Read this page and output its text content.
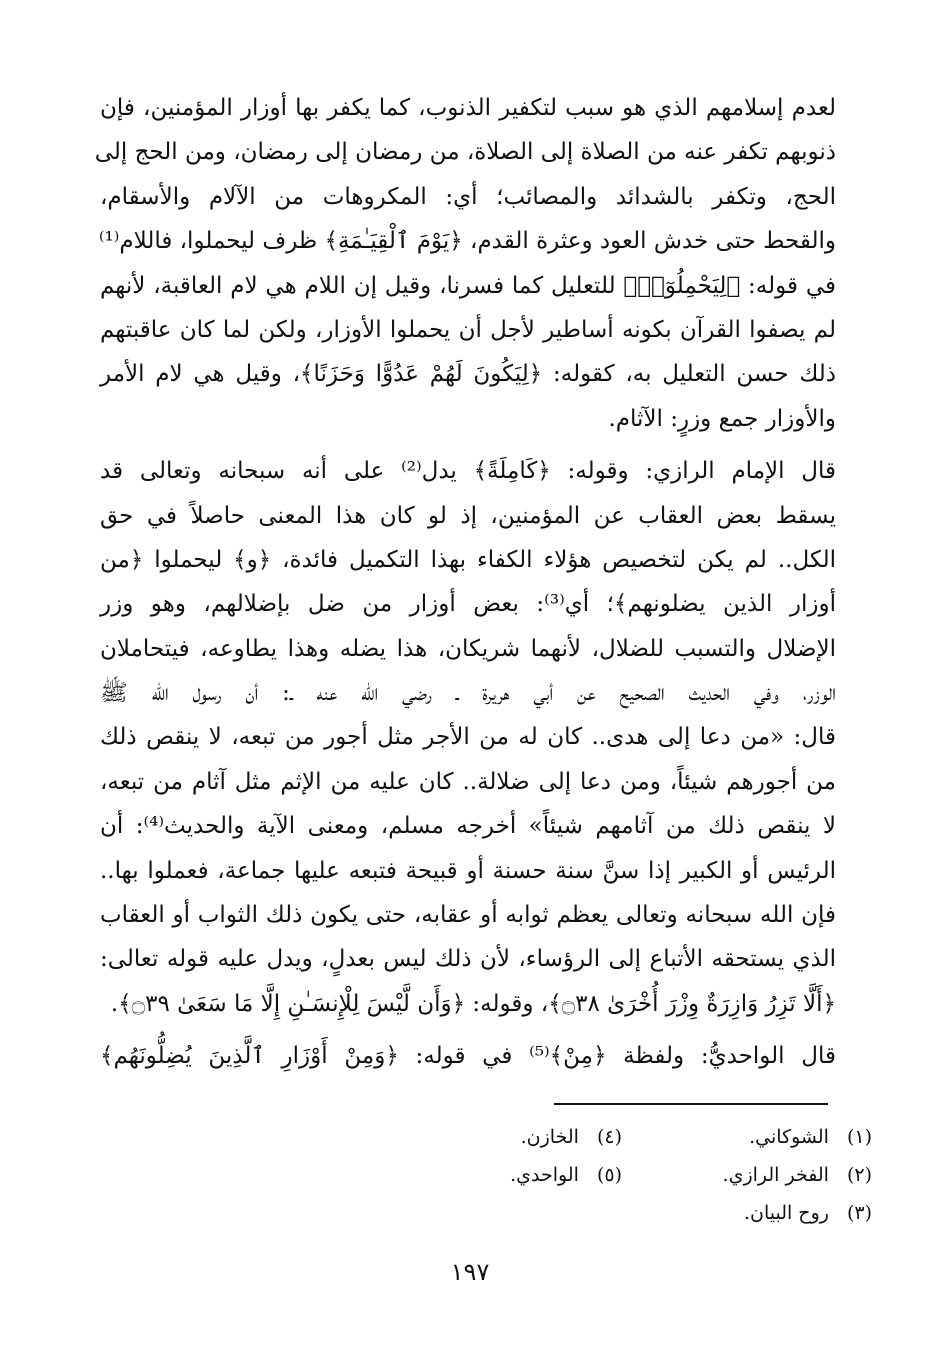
لعدم إسلامهم الذي هو سبب لتكفير الذنوب، كما يكفر بها أوزار المؤمنين، فإن
ذنوبهم تكفر عنه من الصلاة إلى الصلاة، من رمضان إلى رمضان، ومن الحج إلى
الحج، وتكفر بالشدائد والمصائب؛ أي: المكروهات من الآلام والأسقام،
والقحط حتى خدش العود وعثرة القدم، ﴿يَوْمَ ٱلْقِيَـٰمَةِ﴾ ظرف ليحملوا، فاللام⁽¹⁾
في قوله: ﴿لِيَحْمِلُوٓا۟﴾ للتعليل كما فسرنا، وقيل إن اللام هي لام العاقبة، لأنهم
لم يصفوا القرآن بكونه أساطير لأجل أن يحملوا الأوزار، ولكن لما كان عاقبتهم
ذلك حسن التعليل به، كقوله: ﴿لِيَكُونَ لَهُمْ عَدُوًّا وَحَزَنًا﴾، وقيل هي لام الأمر
والأوزار جمع وزرٍ: الآثام.

قال الإمام الرازي: وقوله: ﴿كَامِلَةً﴾ يدل⁽²⁾ على أنه سبحانه وتعالى قد
يسقط بعض العقاب عن المؤمنين، إذ لو كان هذا المعنى حاصلاً في حق
الكل.. لم يكن لتخصيص هؤلاء الكفاء بهذا التكميل فائدة، ﴿و﴾ ليحملوا ﴿من
أوزار الذين يضلونهم﴾؛ أي⁽³⁾: بعض أوزار من ضل بإضلالهم، وهو وزر
الإضلال والتسبب للضلال، لأنهما شريكان، هذا يضله وهذا يطاوعه، فيتحاملان
الوزر، وفي الحديث الصحيح عن أبي هريرة ـ رضي الله عنه ـ: أن رسول الله ﷺ
قال: «من دعا إلى هدى.. كان له من الأجر مثل أجور من تبعه، لا ينقص ذلك
من أجورهم شيئاً، ومن دعا إلى ضلالة.. كان عليه من الإثم مثل آثام من تبعه،
لا ينقص ذلك من آثامهم شيئاً» أخرجه مسلم، ومعنى الآية والحديث⁽⁴⁾: أن
الرئيس أو الكبير إذا سنَّ سنة حسنة أو قبيحة فتبعه عليها جماعة، فعملوا بها..
فإن الله سبحانه وتعالى يعظم ثوابه أو عقابه، حتى يكون ذلك الثواب أو العقاب
الذي يستحقه الأتباع إلى الرؤساء، لأن ذلك ليس بعدلٍ، ويدل عليه قوله تعالى:
﴿أَلَّا تَزِرُ وَازِرَةٌ وِزْرَ أُخْرَىٰ ۝٣٨﴾، وقوله: ﴿وَأَن لَّيْسَ لِلْإِنسَـٰنِ إِلَّا مَا سَعَىٰ ۝٣٩﴾.

قال الواحديُّ: ولفظة ﴿مِنْ﴾⁽⁵⁾ في قوله: ﴿وَمِنْ أَوْزَارِ ٱلَّذِينَ يُضِلُّونَهُم﴾

(١)الشوكاني.
(٢)الفخر الرازي.
(٣)روح البيان.
(٤)الخازن.
(٥)الواحدي.
١٩٧
